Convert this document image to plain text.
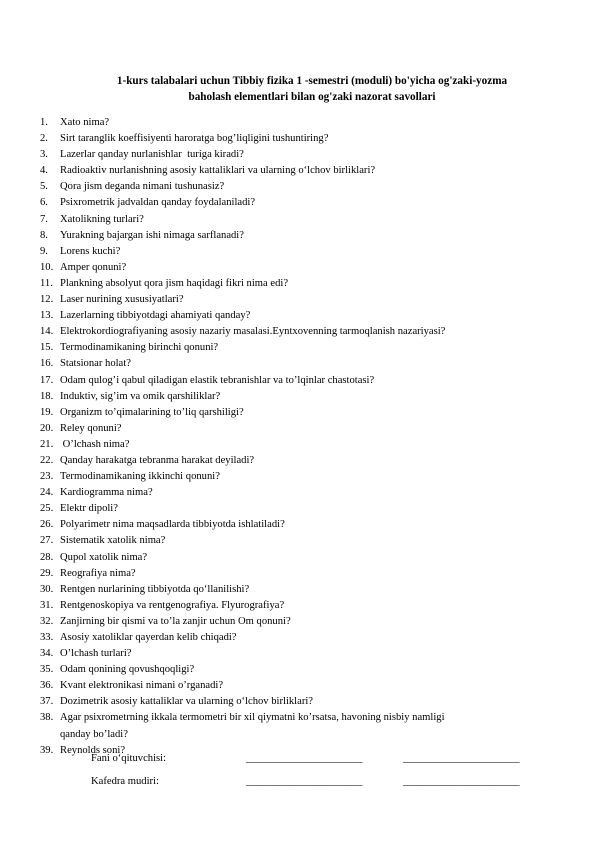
1-kurs talabalari uchun Tibbiy fizika 1 -semestri (moduli) bo'yicha og'zaki-yozma
baholash elementlari bilan og'zaki nazorat savollari
1.	Xato nima?
2.	Sirt taranglik koeffisiyenti haroratga bog’liqligini tushuntiring?
3.	Lazerlar qanday nurlanishlar  turiga kiradi?
4.	Radioaktiv nurlanishning asosiy kattaliklari va ularning o‘lchov birliklari?
5.	Qora jism deganda nimani tushunasiz?
6.	Psixrometrik jadvaldan qanday foydalaniladi?
7.	Xatolikning turlari?
8.	Yurakning bajargan ishi nimaga sarflanadi?
9.	Lorens kuchi?
10. Amper qonuni?
11. Plankning absolyut qora jism haqidagi fikri nima edi?
12. Laser nurining xususiyatlari?
13. Lazerlarning tibbiyotdagi ahamiyati qanday?
14. Elektrokordiografiyaning asosiy nazariy masalasi.Eyntxovenning tarmoqlanish nazariyasi?
15. Termodinamikaning birinchi qonuni?
16. Statsionar holat?
17. Odam qulog’i qabul qiladigan elastik tebranishlar va to’lqinlar chastotasi?
18. Induktiv, sig’im va omik qarshiliklar?
19. Organizm to’qimalarining to’liq qarshiligi?
20. Reley qonuni?
21. O’lchash nima?
22. Qanday harakatga tebranma harakat deyiladi?
23. Termodinamikaning ikkinchi qonuni?
24. Kardiogramma nima?
25. Elektr dipoli?
26. Polyarimetr nima maqsadlarda tibbiyotda ishlatiladi?
27. Sistematik xatolik nima?
28. Qupol xatolik nima?
29. Reografiya nima?
30. Rentgen nurlarining tibbiyotda qo‘llanilishi?
31. Rentgenoskopiya va rentgenografiya. Flyurografiya?
32. Zanjirning bir qismi va to’la zanjir uchun Om qonuni?
33. Asosiy xatoliklar qayerdan kelib chiqadi?
34. O’lchash turlari?
35. Odam qonining qovushqoqligi?
36. Kvant elektronikasi nimani o’rganadi?
37. Dozimetrik asosiy kattaliklar va ularning o‘lchov birliklari?
38. Agar psixrometrning ikkala termometri bir xil qiymatni ko’rsatsa, havoning nisbiy namligi
qanday bo’ladi?
39. Reynolds soni?
Fani o‘qituvchisi:	______________________	______________________
Kafedra mudiri:	______________________	______________________
